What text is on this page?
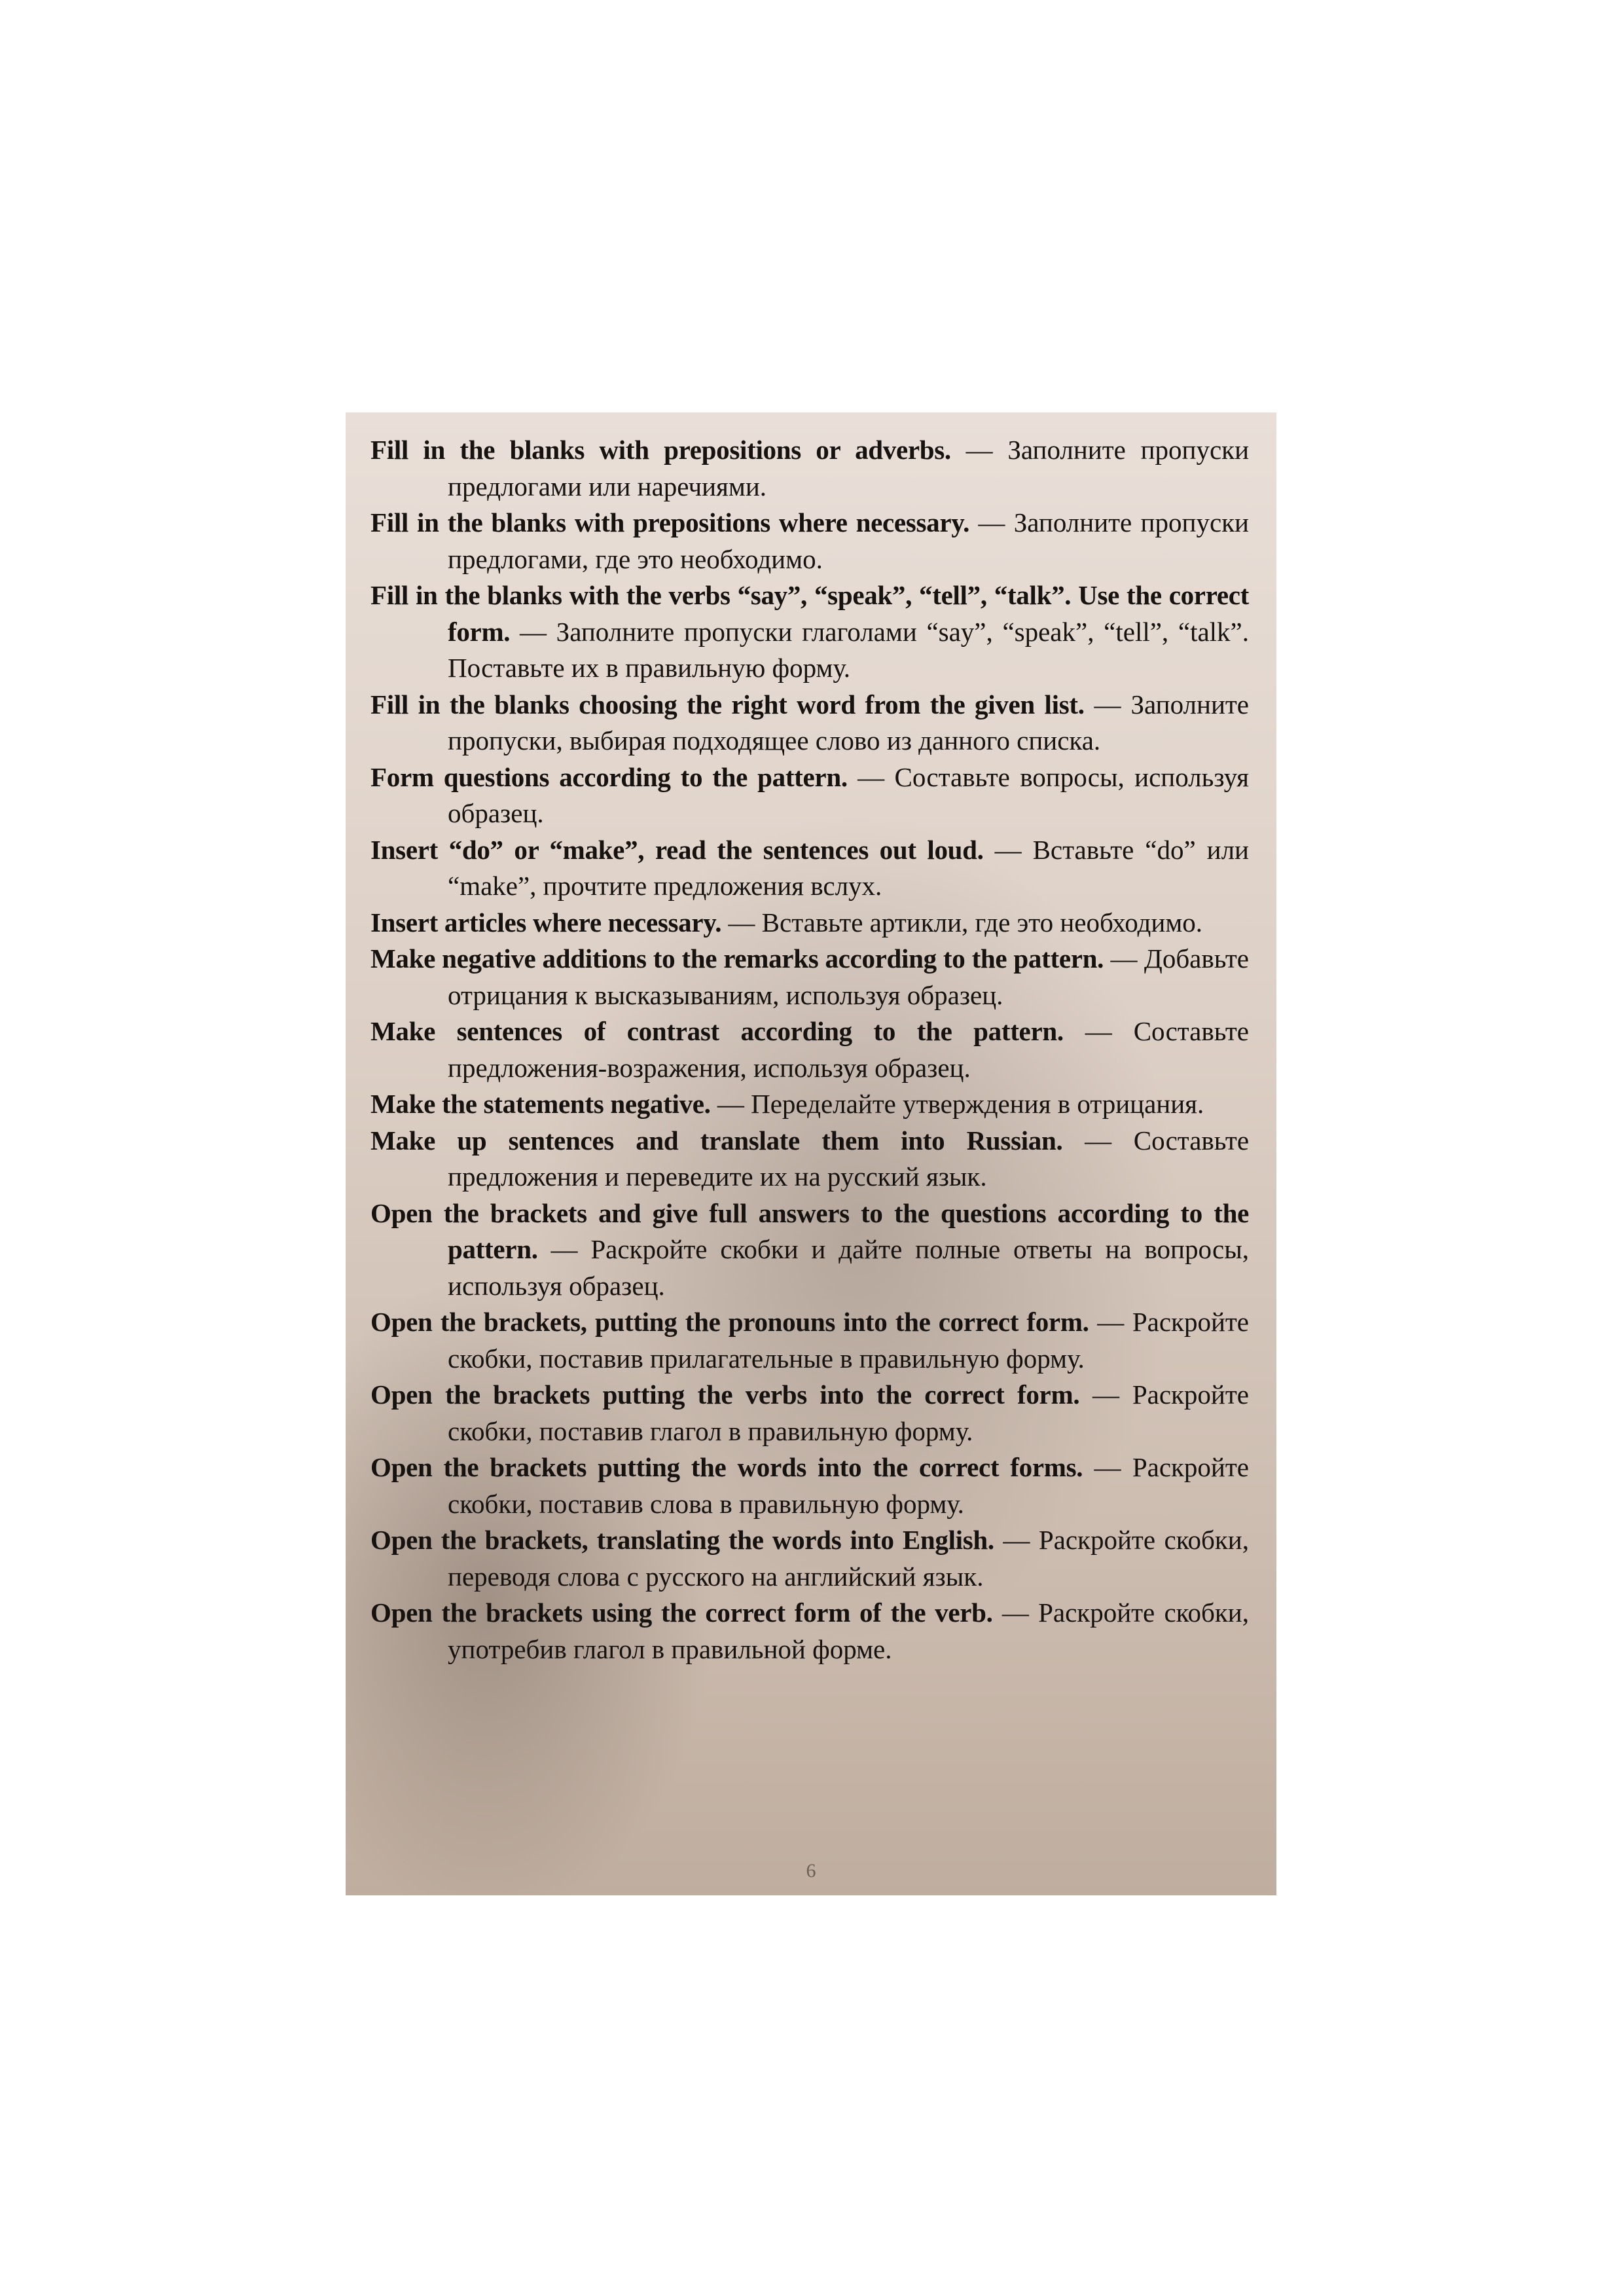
Fill in the blanks with prepositions or adverbs. — Заполните пропуски предлогами или наречиями.

Fill in the blanks with prepositions where necessary. — Заполните пропуски предлогами, где это необходимо.

Fill in the blanks with the verbs “say”, “speak”, “tell”, “talk”. Use the correct form. — Заполните пропуски глаголами “say”, “speak”, “tell”, “talk”. Поставьте их в правильную форму.

Fill in the blanks choosing the right word from the given list. — Заполните пропуски, выбирая подходящее слово из данного списка.

Form questions according to the pattern. — Составьте вопросы, используя образец.

Insert “do” or “make”, read the sentences out loud. — Вставьте “do” или “make”, прочтите предложения вслух.

Insert articles where necessary. — Вставьте артикли, где это необходимо.

Make negative additions to the remarks according to the pattern. — Добавьте отрицания к высказываниям, используя образец.

Make sentences of contrast according to the pattern. — Составьте предложения-возражения, используя образец.

Make the statements negative. — Переделайте утверждения в отрицания.

Make up sentences and translate them into Russian. — Составьте предложения и переведите их на русский язык.

Open the brackets and give full answers to the questions according to the pattern. — Раскройте скобки и дайте полные ответы на вопросы, используя образец.

Open the brackets, putting the pronouns into the correct form. — Раскройте скобки, поставив прилагательные в правильную форму.

Open the brackets putting the verbs into the correct form. — Раскройте скобки, поставив глагол в правильную форму.

Open the brackets putting the words into the correct forms. — Раскройте скобки, поставив слова в правильную форму.

Open the brackets, translating the words into English. — Раскройте скобки, переводя слова с русского на английский язык.

Open the brackets using the correct form of the verb. — Раскройте скобки, употребив глагол в правильной форме.

6
